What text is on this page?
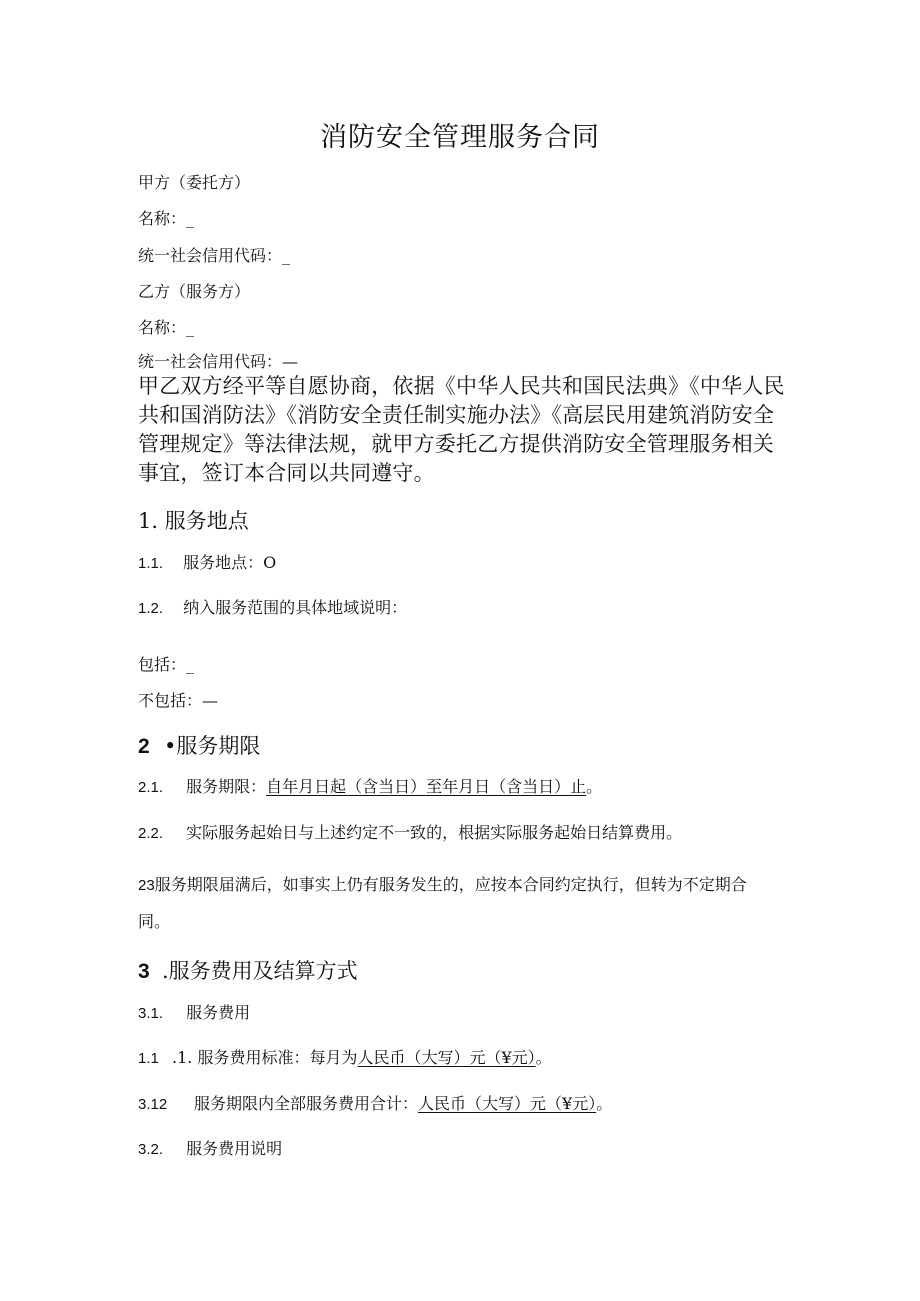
消防安全管理服务合同
甲方（委托方）
名称：_
统一社会信用代码：_
乙方（服务方）
名称：_
统一社会信用代码：—
甲乙双方经平等自愿协商，依据《中华人民共和国民法典》《中华人民共和国消防法》《消防安全责任制实施办法》《高层民用建筑消防安全管理规定》等法律法规，就甲方委托乙方提供消防安全管理服务相关事宜，签订本合同以共同遵守。
1. 服务地点
1.1. 服务地点：O
1.2. 纳入服务范围的具体地域说明：
包括：_
不包括：—
2 •服务期限
2.1. 服务期限：自年月日起（含当日）至年月日（含当日）止。
2.2. 实际服务起始日与上述约定不一致的，根据实际服务起始日结算费用。
23服务期限届满后，如事实上仍有服务发生的，应按本合同约定执行，但转为不定期合同。
3 .服务费用及结算方式
3.1. 服务费用
1.1 .1. 服务费用标准：每月为人民币（大写）元（¥元）。
3.12 服务期限内全部服务费用合计：人民币（大写）元（¥元）。
3.2. 服务费用说明
